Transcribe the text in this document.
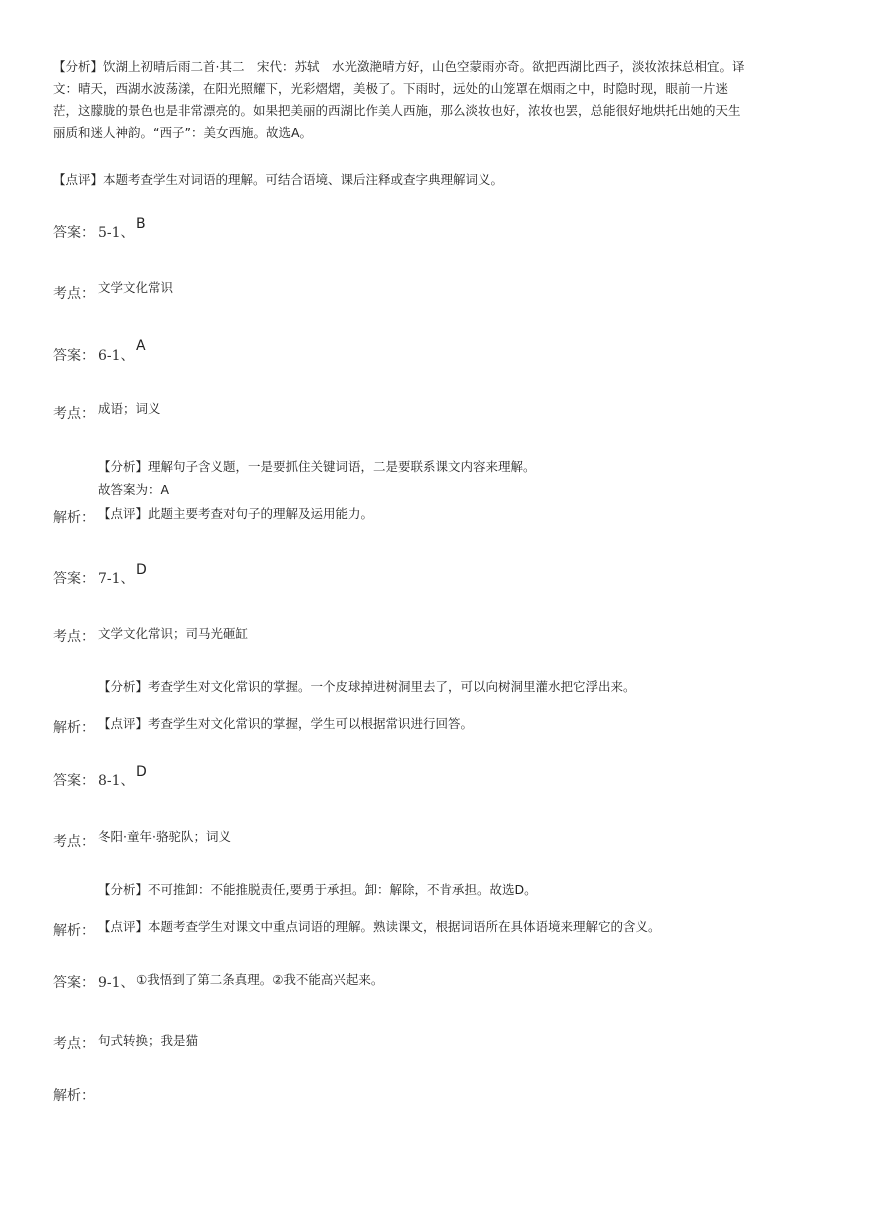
【分析】饮湖上初晴后雨二首·其二　宋代：苏轼　水光潋滟晴方好，山色空蒙雨亦奇。欲把西湖比西子，淡妆浓抹总相宜。译
文：晴天，西湖水波荡漾，在阳光照耀下，光彩熠熠，美极了。下雨时，远处的山笼罩在烟雨之中，时隐时现，眼前一片迷
茫，这朦胧的景色也是非常漂亮的。如果把美丽的西湖比作美人西施，那么淡妆也好，浓妆也罢，总能很好地烘托出她的天生
丽质和迷人神韵。“西子”：美女西施。故选A。
【点评】本题考查学生对词语的理解。可结合语境、课后注释或查字典理解词义。
答案： 5-1、
B
考点： 文学文化常识
答案： 6-1、
A
考点： 成语；词义
【分析】理解句子含义题，一是要抓住关键词语，二是要联系课文内容来理解。
故答案为：A
解析： 【点评】此题主要考查对句子的理解及运用能力。
答案： 7-1、
D
考点： 文学文化常识；司马光砸缸
【分析】考查学生对文化常识的掌握。一个皮球掉进树洞里去了，可以向树洞里灌水把它浮出来。
解析： 【点评】考查学生对文化常识的掌握，学生可以根据常识进行回答。
答案： 8-1、
D
考点： 冬阳·童年·骆驼队；词义
【分析】不可推卸：不能推脱责任,要勇于承担。卸：解除，不肯承担。故选D。
解析： 【点评】本题考查学生对课文中重点词语的理解。熟读课文，根据词语所在具体语境来理解它的含义。
答案： 9-1、 ①我悟到了第二条真理。②我不能高兴起来。
考点： 句式转换；我是猫
解析：
